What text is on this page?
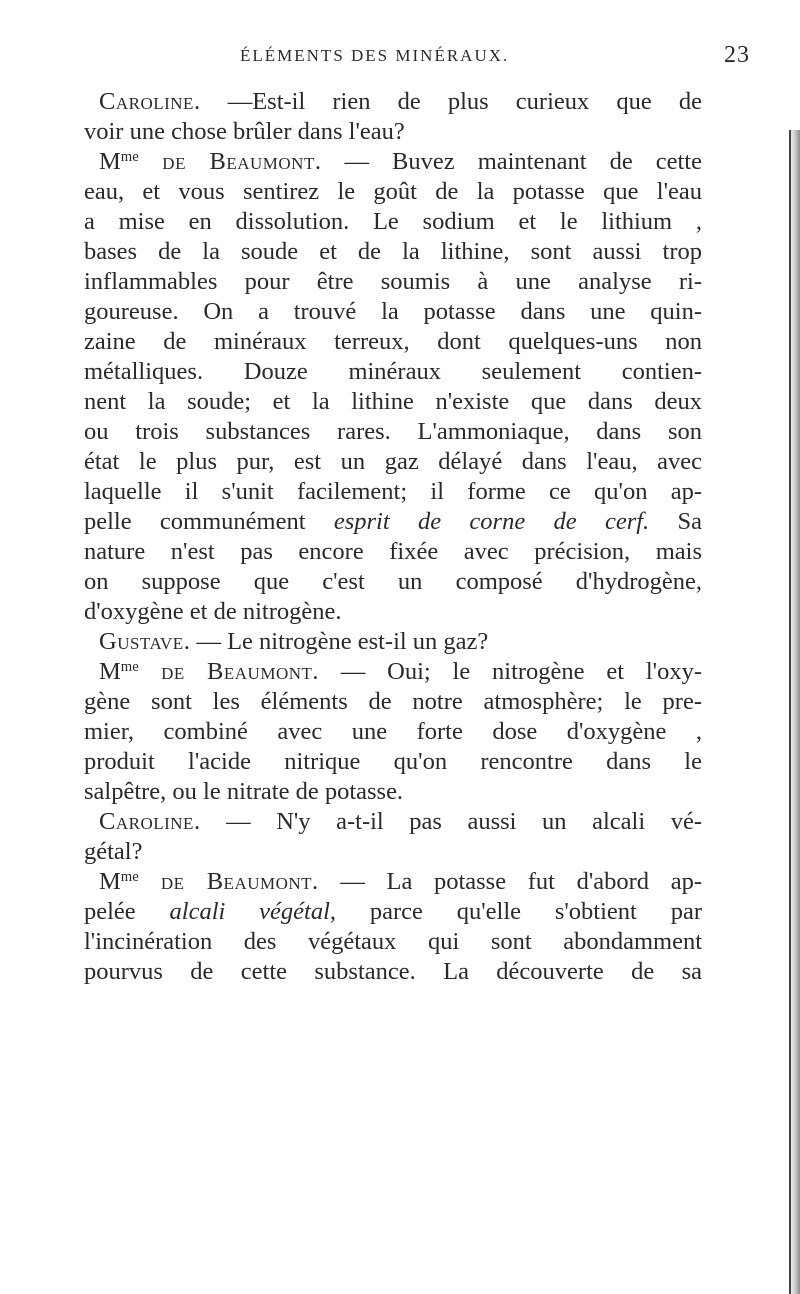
ÉLÉMENTS DES MINÉRAUX.	23
Caroline. —Est-il rien de plus curieux que de
voir une chose brûler dans l'eau?
$M^{me}$ de Beaumont. — Buvez maintenant de cette
eau, et vous sentirez le goût de la potasse que l'eau
a mise en dissolution. Le sodium et le lithium ,
bases de la soude et de la lithine, sont aussi trop
inflammables pour être soumis à une analyse ri-
goureuse. On a trouvé la potasse dans une quin-
zaine de minéraux terreux, dont quelques-uns non
métalliques. Douze minéraux seulement contien-
nent la soude; et la lithine n'existe que dans deux
ou trois substances rares. L'ammoniaque, dans son
état le plus pur, est un gaz délayé dans l'eau, avec
laquelle il s'unit facilement; il forme ce qu'on ap-
pelle communément esprit de corne de cerf. Sa
nature n'est pas encore fixée avec précision, mais
on suppose que c'est un composé d'hydrogène,
d'oxygène et de nitrogène.
Gustave. — Le nitrogène est-il un gaz?
$M^{me}$ de Beaumont. — Oui; le nitrogène et l'oxy-
gène sont les éléments de notre atmosphère; le pre-
mier, combiné avec une forte dose d'oxygène ,
produit l'acide nitrique qu'on rencontre dans le
salpêtre, ou le nitrate de potasse.
Caroline. — N'y a-t-il pas aussi un alcali vé-
gétal?
$M^{me}$ de Beaumont. — La potasse fut d'abord ap-
pelée alcali végétal, parce qu'elle s'obtient par
l'incinération des végétaux qui sont abondamment
pourvus de cette substance. La découverte de sa
